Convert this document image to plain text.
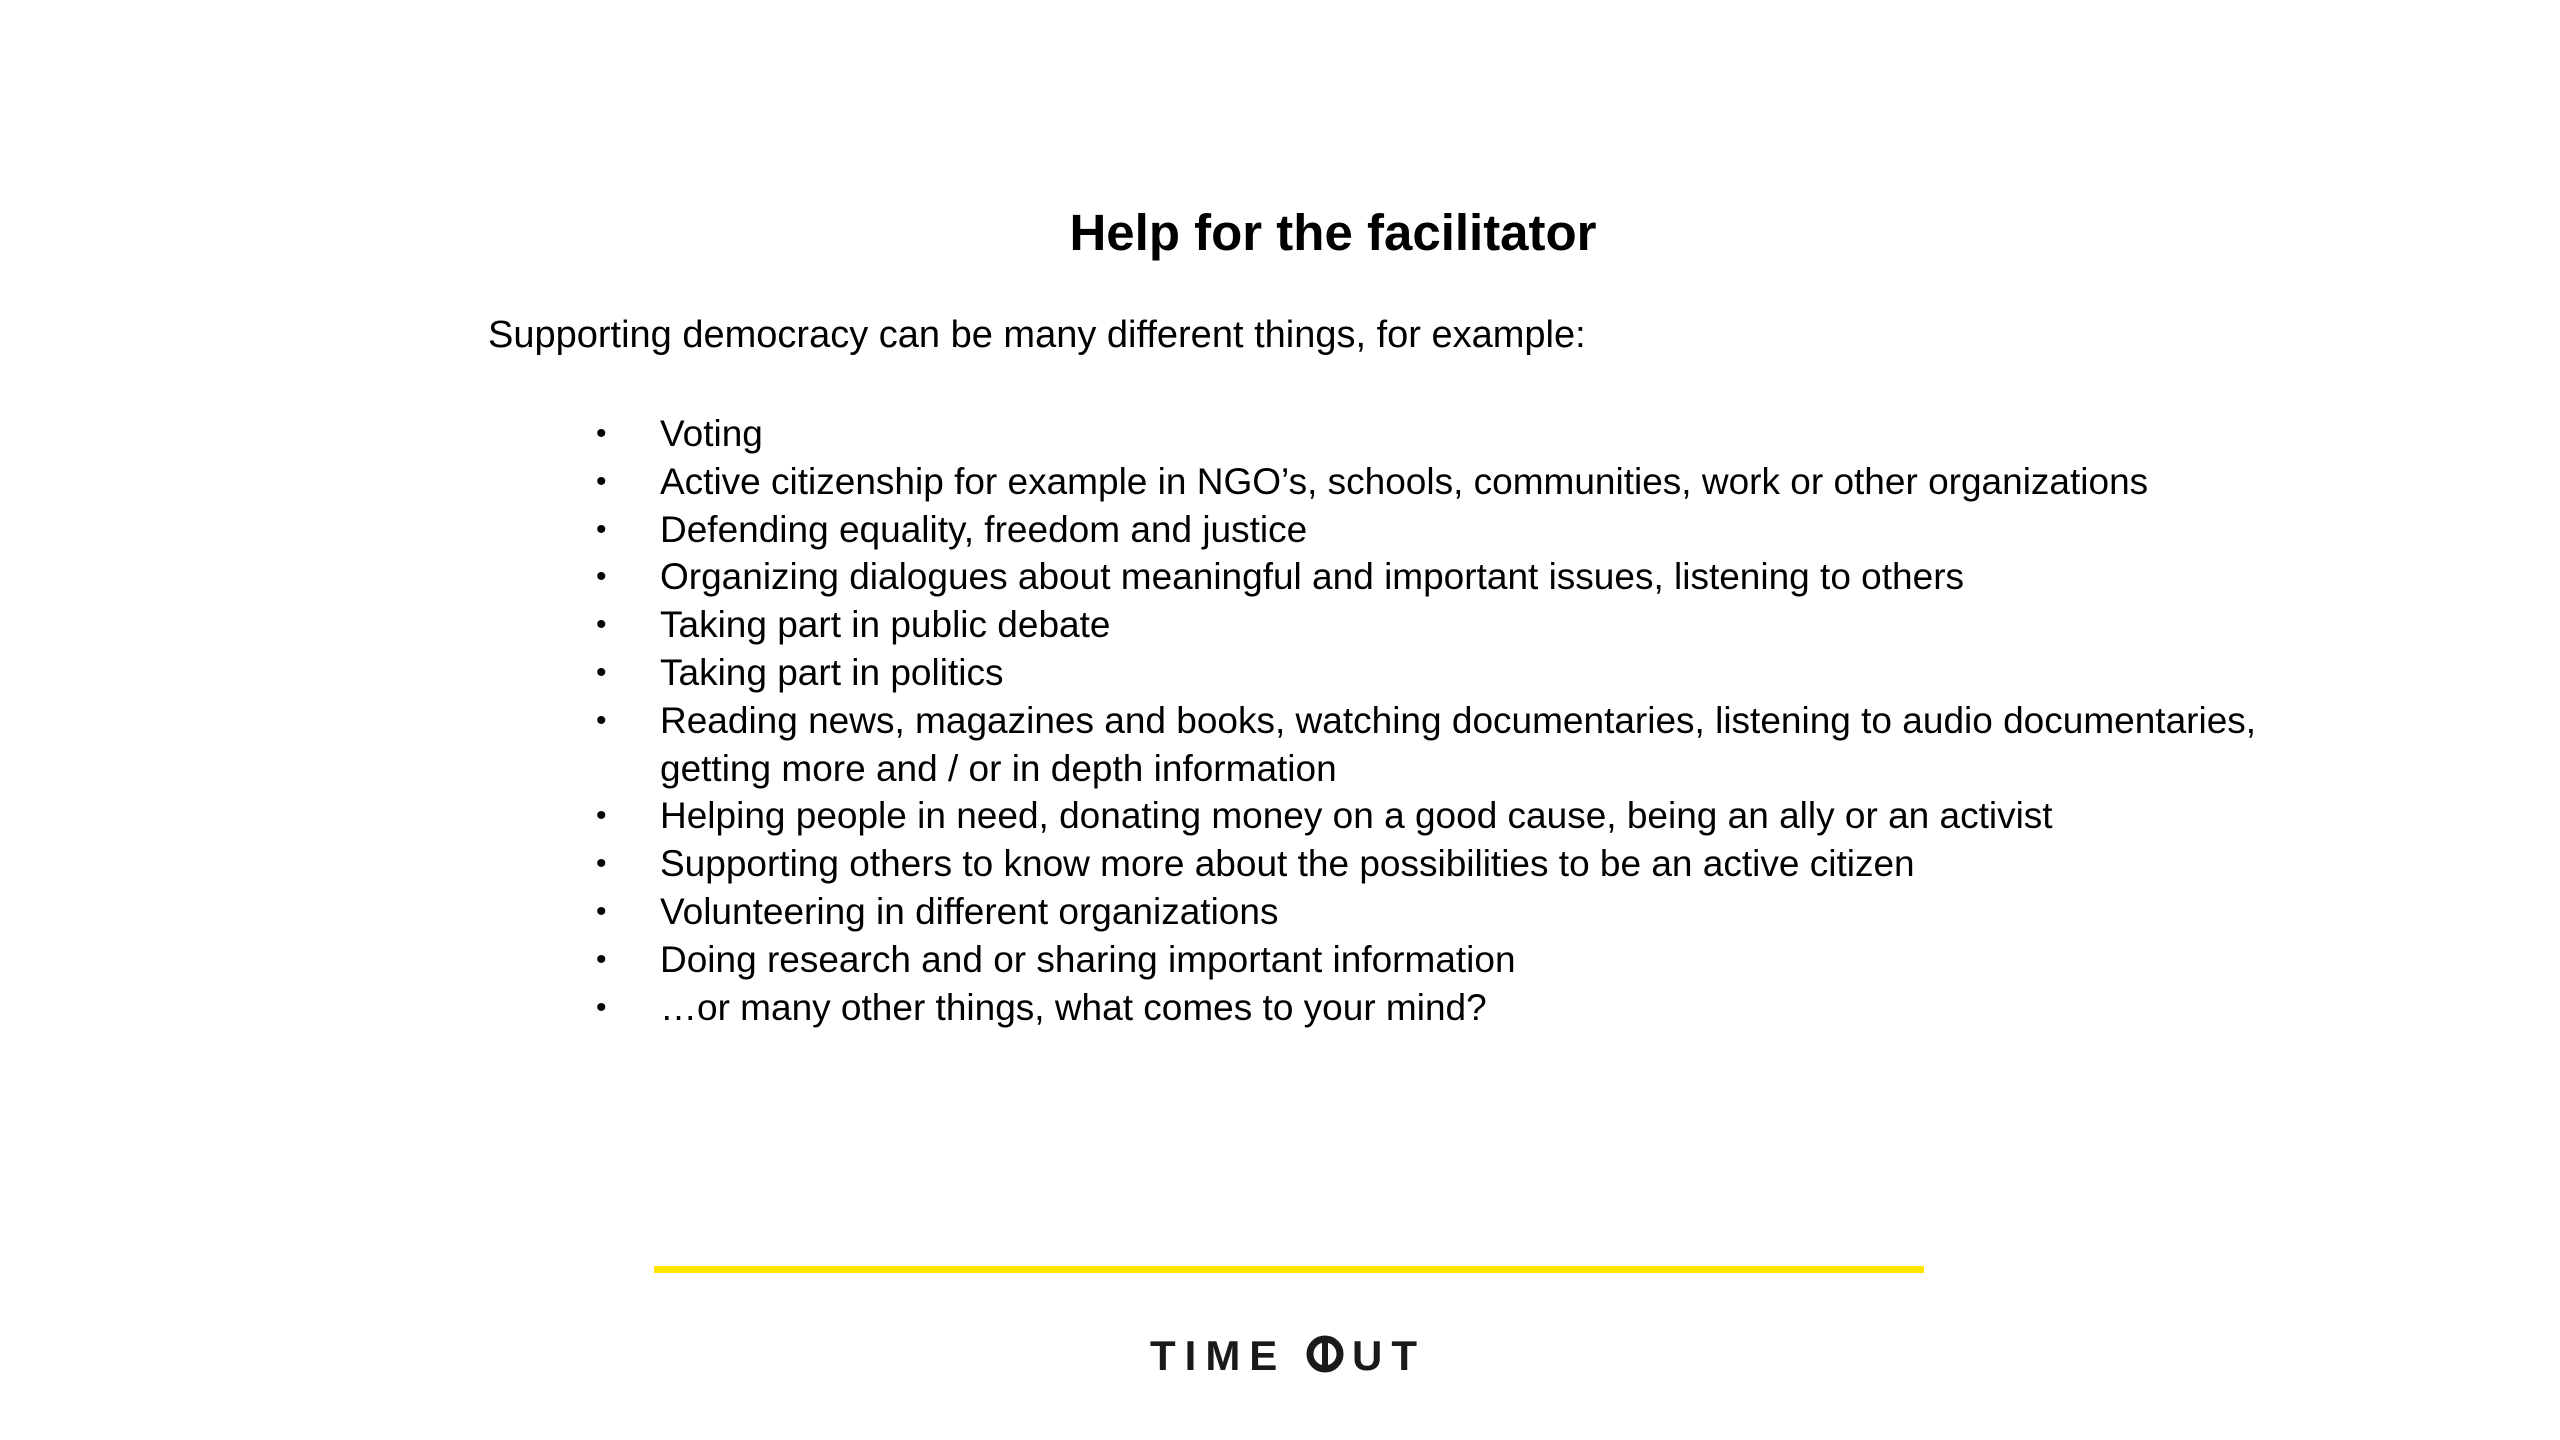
Help for the facilitator

Supporting democracy can be many different things, for example:

• Voting
• Active citizenship for example in NGO’s, schools, communities, work or other organizations
• Defending equality, freedom and justice
• Organizing dialogues about meaningful and important issues, listening to others
• Taking part in public debate
• Taking part in politics
• Reading news, magazines and books, watching documentaries, listening to audio documentaries, getting more and / or in depth information
• Helping people in need, donating money on a good cause, being an ally or an activist
• Supporting others to know more about the possibilities to be an active citizen
• Volunteering in different organizations
• Doing research and or sharing important information
• …or many other things, what comes to your mind?
TIME UT
